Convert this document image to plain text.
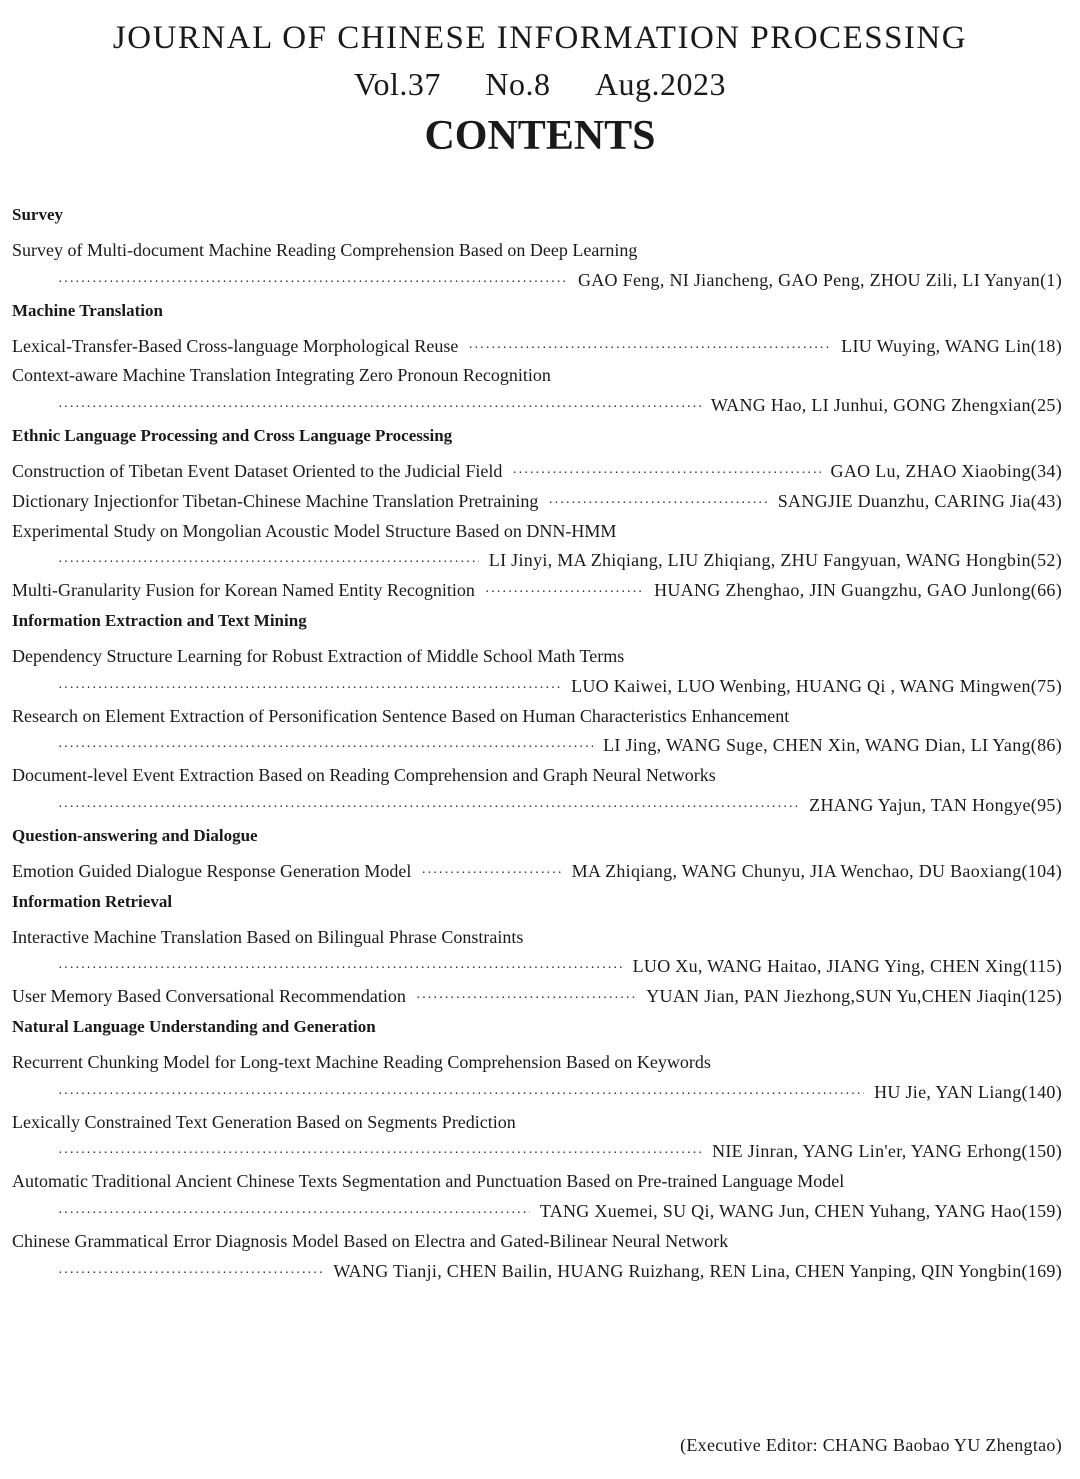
JOURNAL OF CHINESE INFORMATION PROCESSING
Vol.37 No.8 Aug.2023
CONTENTS
Survey
Survey of Multi-document Machine Reading Comprehension Based on Deep Learning
·····
GAO Feng, NI Jiancheng, GAO Peng, ZHOU Zili, LI Yanyan(1)
Machine Translation
Lexical-Transfer-Based Cross-language Morphological Reuse ·····	LIU Wuying, WANG Lin(18)
Context-aware Machine Translation Integrating Zero Pronoun Recognition
·····
WANG Hao, LI Junhui, GONG Zhengxian(25)
Ethnic Language Processing and Cross Language Processing
Construction of Tibetan Event Dataset Oriented to the Judicial Field ·····	GAO Lu, ZHAO Xiaobing(34)
Dictionary Injectionfor Tibetan-Chinese Machine Translation Pretraining ·····	SANGJIE Duanzhu, CARING Jia(43)
Experimental Study on Mongolian Acoustic Model Structure Based on DNN-HMM
·····
LI Jinyi, MA Zhiqiang, LIU Zhiqiang, ZHU Fangyuan, WANG Hongbin(52)
Multi-Granularity Fusion for Korean Named Entity Recognition ·····	HUANG Zhenghao, JIN Guangzhu, GAO Junlong(66)
Information Extraction and Text Mining
Dependency Structure Learning for Robust Extraction of Middle School Math Terms
·····
LUO Kaiwei, LUO Wenbing, HUANG Qi , WANG Mingwen(75)
Research on Element Extraction of Personification Sentence Based on Human Characteristics Enhancement
·····
LI Jing, WANG Suge, CHEN Xin, WANG Dian, LI Yang(86)
Document-level Event Extraction Based on Reading Comprehension and Graph Neural Networks
·····
ZHANG Yajun, TAN Hongye(95)
Question-answering and Dialogue
Emotion Guided Dialogue Response Generation Model ·····	MA Zhiqiang, WANG Chunyu, JIA Wenchao, DU Baoxiang(104)
Information Retrieval
Interactive Machine Translation Based on Bilingual Phrase Constraints
·····
LUO Xu, WANG Haitao, JIANG Ying, CHEN Xing(115)
User Memory Based Conversational Recommendation ·····	YUAN Jian, PAN Jiezhong,SUN Yu,CHEN Jiaqin(125)
Natural Language Understanding and Generation
Recurrent Chunking Model for Long-text Machine Reading Comprehension Based on Keywords
·····
HU Jie, YAN Liang(140)
Lexically Constrained Text Generation Based on Segments Prediction
·····
NIE Jinran, YANG Lin'er, YANG Erhong(150)
Automatic Traditional Ancient Chinese Texts Segmentation and Punctuation Based on Pre-trained Language Model
·····
TANG Xuemei, SU Qi, WANG Jun, CHEN Yuhang, YANG Hao(159)
Chinese Grammatical Error Diagnosis Model Based on Electra and Gated-Bilinear Neural Network
·····
WANG Tianji, CHEN Bailin, HUANG Ruizhang, REN Lina, CHEN Yanping, QIN Yongbin(169)
(Executive Editor: CHANG Baobao YU Zhengtao)
